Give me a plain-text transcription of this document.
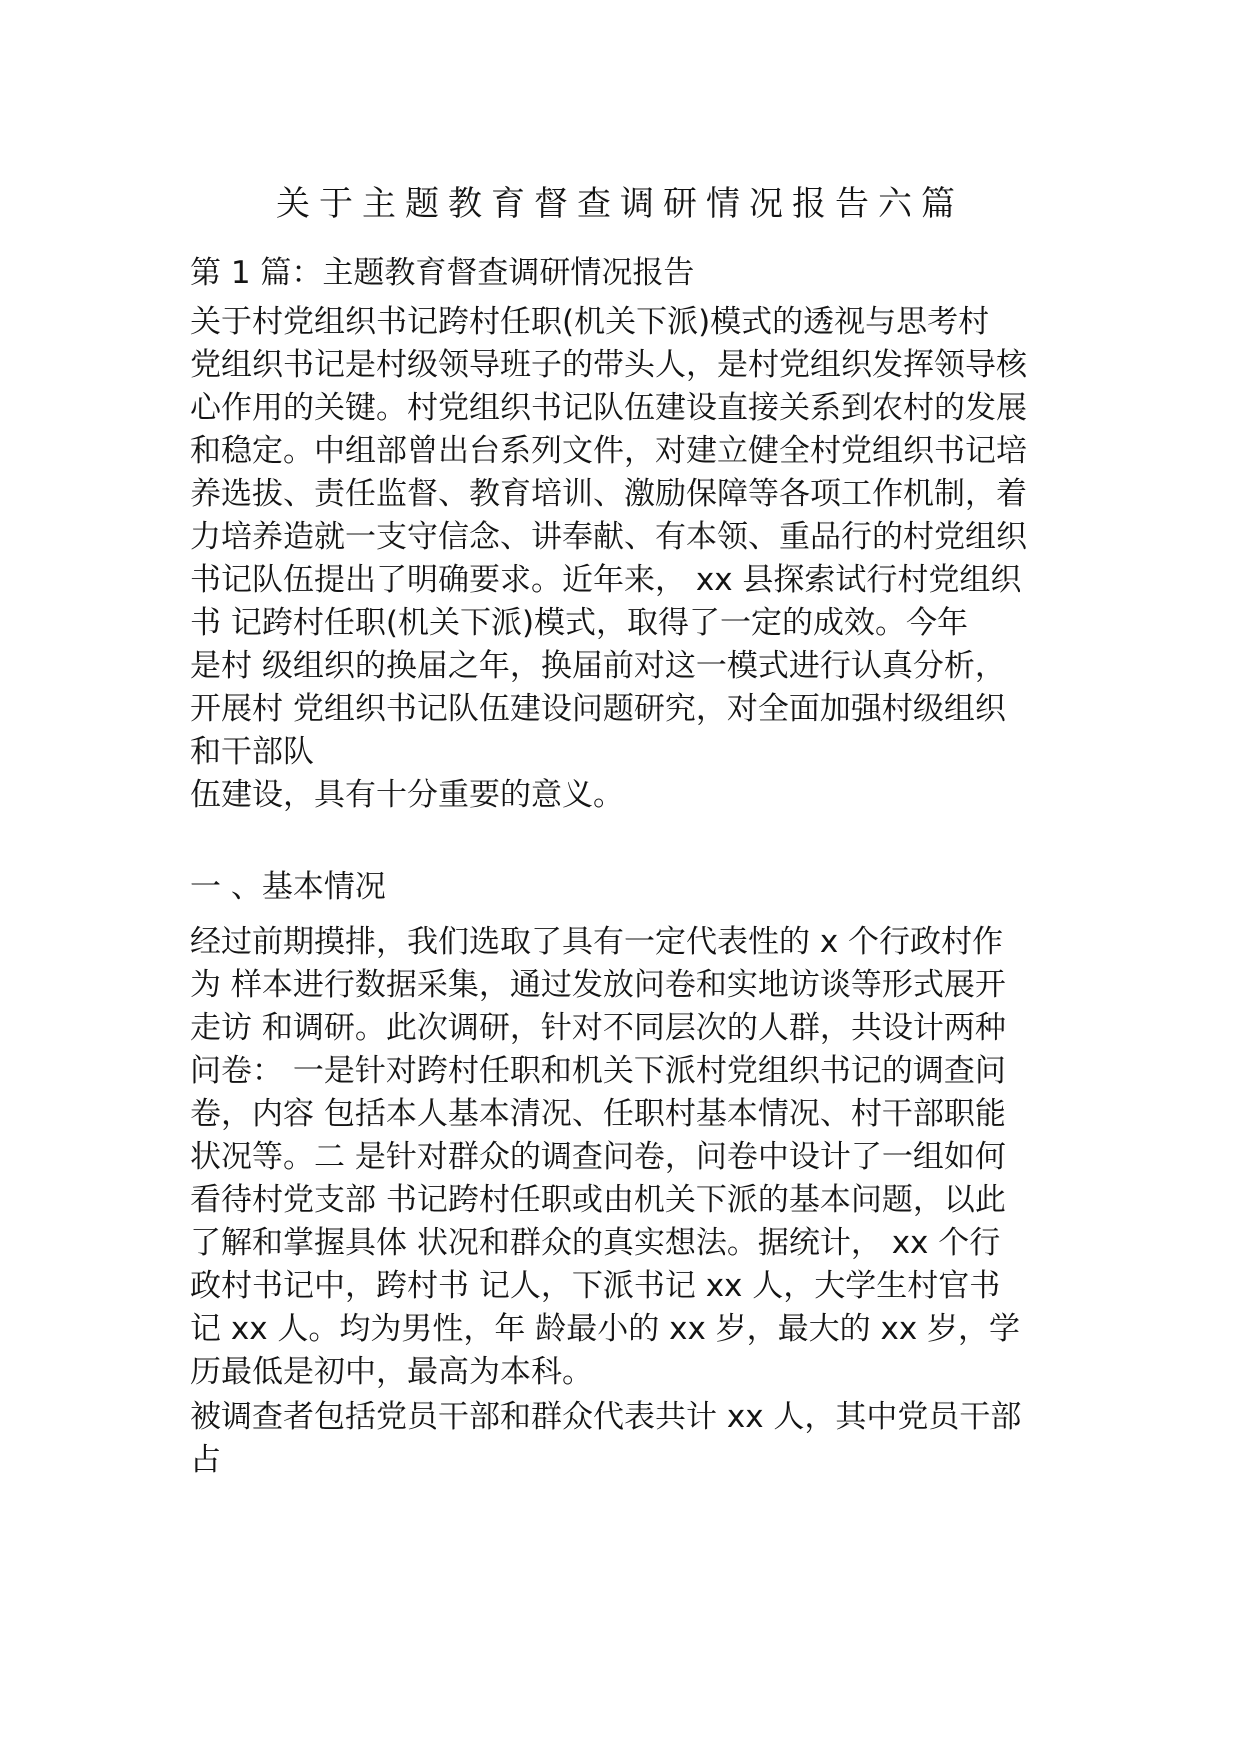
关于主题教育督查调研情况报告六篇
第 1 篇：主题教育督查调研情况报告
关于村党组织书记跨村任职(机关下派)模式的透视与思考村
党组织书记是村级领导班子的带头人，是村党组织发挥领导核
心作用的关键。村党组织书记队伍建设直接关系到农村的发展
和稳定。中组部曾出台系列文件，对建立健全村党组织书记培
养选拔、责任监督、教育培训、激励保障等各项工作机制，着
力培养造就一支守信念、讲奉献、有本领、重品行的村党组织
书记队伍提出了明确要求。近年来， xx 县探索试行村党组织
书 记跨村任职(机关下派)模式，取得了一定的成效。今年
是村 级组织的换届之年，换届前对这一模式进行认真分析，
开展村 党组织书记队伍建设问题研究，对全面加强村级组织
和干部队
伍建设，具有十分重要的意义。
一 、基本情况
经过前期摸排，我们选取了具有一定代表性的 x 个行政村作
为 样本进行数据采集，通过发放问卷和实地访谈等形式展开
走访 和调研。此次调研，针对不同层次的人群，共设计两种
问卷： 一是针对跨村任职和机关下派村党组织书记的调查问
卷，内容 包括本人基本清况、任职村基本情况、村干部职能
状况等。二 是针对群众的调查问卷，问卷中设计了一组如何
看待村党支部 书记跨村任职或由机关下派的基本问题，以此
了解和掌握具体 状况和群众的真实想法。据统计， xx 个行
政村书记中，跨村书 记人，下派书记 xx 人，大学生村官书
记 xx 人。均为男性，年 龄最小的 xx 岁，最大的 xx 岁，学
历最低是初中，最高为本科。
被调查者包括党员干部和群众代表共计 xx 人，其中党员干部
占
